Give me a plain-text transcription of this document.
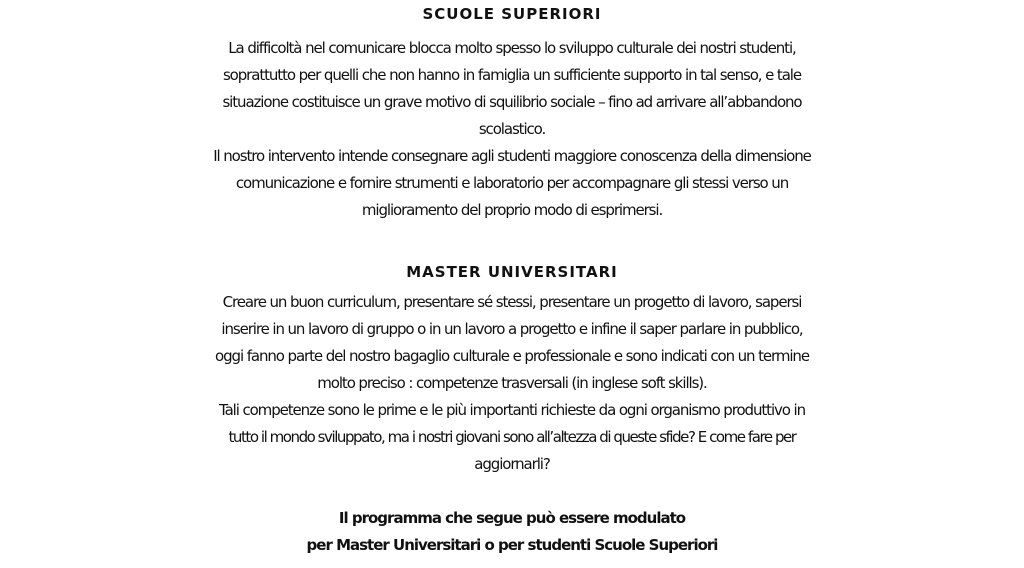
SCUOLE SUPERIORI
La difficoltà nel comunicare blocca molto spesso lo sviluppo culturale dei nostri studenti,
soprattutto per quelli che non hanno in famiglia un sufficiente supporto in tal senso, e tale
situazione costituisce un grave motivo di squilibrio sociale – fino ad arrivare all’abbandono
scolastico.
Il nostro intervento intende consegnare agli studenti maggiore conoscenza della dimensione
comunicazione e fornire strumenti e laboratorio per accompagnare gli stessi verso un
miglioramento del proprio modo di esprimersi.
MASTER UNIVERSITARI
Creare un buon curriculum, presentare sé stessi, presentare un progetto di lavoro, sapersi
inserire in un lavoro di gruppo o in un lavoro a progetto e infine il saper parlare in pubblico,
oggi fanno parte del nostro bagaglio culturale e professionale e sono indicati con un termine
molto preciso : competenze trasversali (in inglese soft skills).
Tali competenze sono le prime e le più importanti richieste da ogni organismo produttivo in
tutto il mondo sviluppato, ma i nostri giovani sono all’altezza di queste sfide? E come fare per
aggiornarli?
Il programma che segue può essere modulato
per Master Universitari o per studenti Scuole Superiori
